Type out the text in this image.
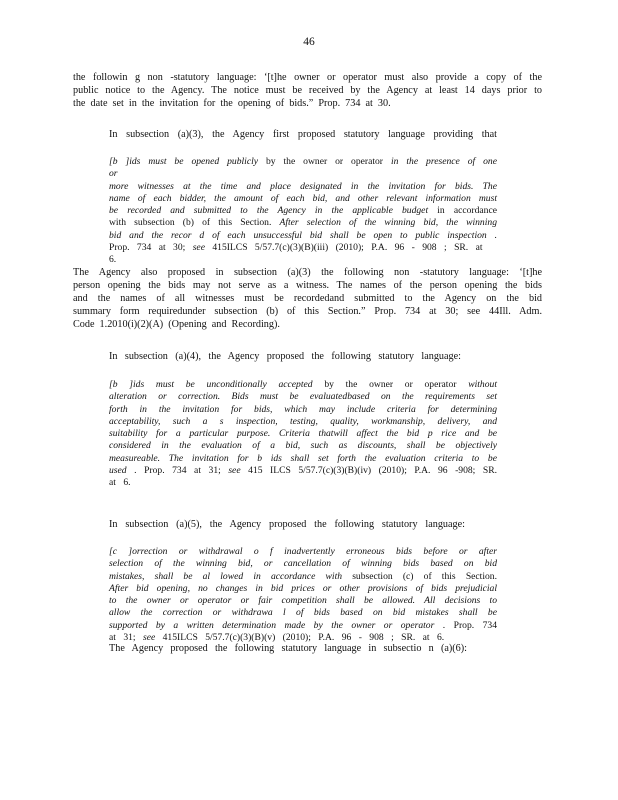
46

the followin g non -statutory language: ‘[t]he owner or operator must also provide a copy of the

public notice to the Agency. The notice must be received by the Agency at least 14 days prior to

the date set in the invitation for the opening of bids.” Prop. 734 at 30.

In subsection (a)(3), the Agency first proposed statutory language providing that

[b ]ids must be opened publicly by the owner or operator in the presence of one or

more witnesses at the time and place designated in the invitation for bids. The

name of each bidder, the amount of each bid, and other relevant information must

be recorded and submitted to the Agency in the applicable budget in accordance

with subsection (b) of this Section. After selection of the winning bid, the winning

bid and the recor d of each unsuccessful bid shall be open to public inspection .

Prop. 734 at 30; see 415ILCS 5/57.7(c)(3)(B)(iii) (2010); P.A. 96 - 908 ; SR. at 6.

The Agency also proposed in subsection (a)(3) the following non -statutory language: ‘[t]he

person opening the bids may not serve as a witness. The names of the person opening the bids

and the names of all witnesses must be recordedand submitted to the Agency on the bid

summary form requiredunder subsection (b) of this Section.” Prop. 734 at 30; see 44Ill. Adm.

Code 1.2010(i)(2)(A) (Opening and Recording).

In subsection (a)(4), the Agency proposed the following statutory language:

[b ]ids must be unconditionally accepted by the owner or operator without

alteration or correction. Bids must be evaluatedbased on the requirements set

forth in the invitation for bids, which may include criteria for determining

acceptability, such a s inspection, testing, quality, workmanship, delivery, and

suitability for a particular purpose. Criteria thatwill affect the bid p rice and be

considered in the evaluation of a bid, such as discounts, shall be objectively

measureable. The invitation for b ids shall set forth the evaluation criteria to be

used . Prop. 734 at 31; see 415 ILCS 5/57.7(c)(3)(B)(iv) (2010); P.A. 96 -908; SR.

at 6.

In subsection (a)(5), the Agency proposed the following statutory language:

[c ]orrection or withdrawal o f inadvertently erroneous bids before or after

selection of the winning bid, or cancellation of winning bids based on bid

mistakes, shall be al lowed in accordance with subsection (c) of this Section.

After bid opening, no changes in bid prices or other provisions of bids prejudicial

to the owner or operator or fair competition shall be allowed. All decisions to

allow the correction or withdrawa l of bids based on bid mistakes shall be

supported by a written determination made by the owner or operator . Prop. 734

at 31; see 415ILCS 5/57.7(c)(3)(B)(v) (2010); P.A. 96 - 908 ; SR. at 6.

The Agency proposed the following statutory language in subsectio n (a)(6):
